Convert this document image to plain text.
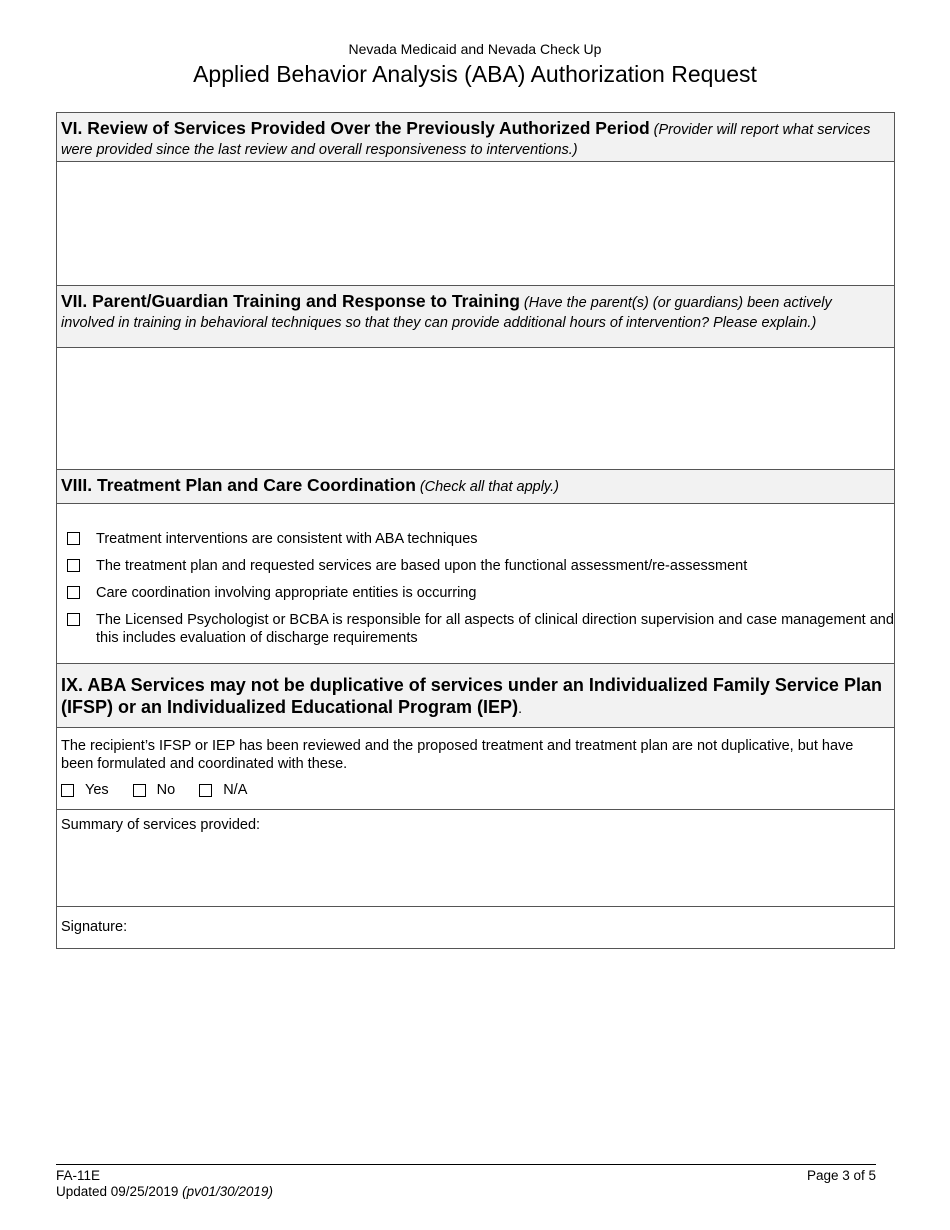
Nevada Medicaid and Nevada Check Up
Applied Behavior Analysis (ABA) Authorization Request
VI. Review of Services Provided Over the Previously Authorized Period (Provider will report what services were provided since the last review and overall responsiveness to interventions.)
VII. Parent/Guardian Training and Response to Training (Have the parent(s) (or guardians) been actively involved in training in behavioral techniques so that they can provide additional hours of intervention? Please explain.)
VIII. Treatment Plan and Care Coordination (Check all that apply.)
Treatment interventions are consistent with ABA techniques
The treatment plan and requested services are based upon the functional assessment/re-assessment
Care coordination involving appropriate entities is occurring
The Licensed Psychologist or BCBA is responsible for all aspects of clinical direction supervision and case management and this includes evaluation of discharge requirements
IX. ABA Services may not be duplicative of services under an Individualized Family Service Plan (IFSP) or an Individualized Educational Program (IEP).
The recipient’s IFSP or IEP has been reviewed and the proposed treatment and treatment plan are not duplicative, but have been formulated and coordinated with these.
Yes	No	N/A
Summary of services provided:
Signature:
FA-11E
Updated 09/25/2019 (pv01/30/2019)
Page 3 of 5
